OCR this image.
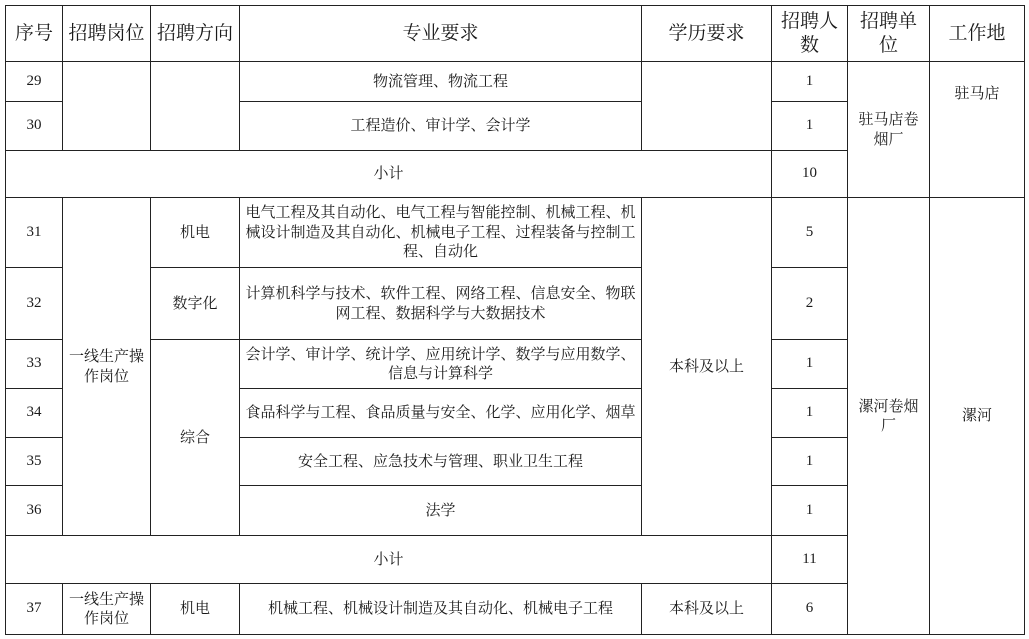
序号	招聘岗位	招聘方向	专业要求	学历要求	招聘人数	招聘单位	工作地	
29			物流管理、物流工程		1	驻马店卷烟厂	驻马店	
30			工程造价、审计学、会计学		1			
小计					10			
31	一线生产操作岗位	机电	电气工程及其自动化、电气工程与智能控制、机械工程、机械设计制造及其自动化、机械电子工程、过程装备与控制工程、自动化	本科及以上	5	漯河卷烟厂	漯河	
32		数字化	计算机科学与技术、软件工程、网络工程、信息安全、物联网工程、数据科学与大数据技术		2			
33		综合	会计学、审计学、统计学、应用统计学、数学与应用数学、信息与计算科学		1			
34			食品科学与工程、食品质量与安全、化学、应用化学、烟草		1			
35			安全工程、应急技术与管理、职业卫生工程		1			
36			法学		1			
小计					11			
37	一线生产操作岗位	机电	机械工程、机械设计制造及其自动化、机械电子工程	本科及以上	6			
